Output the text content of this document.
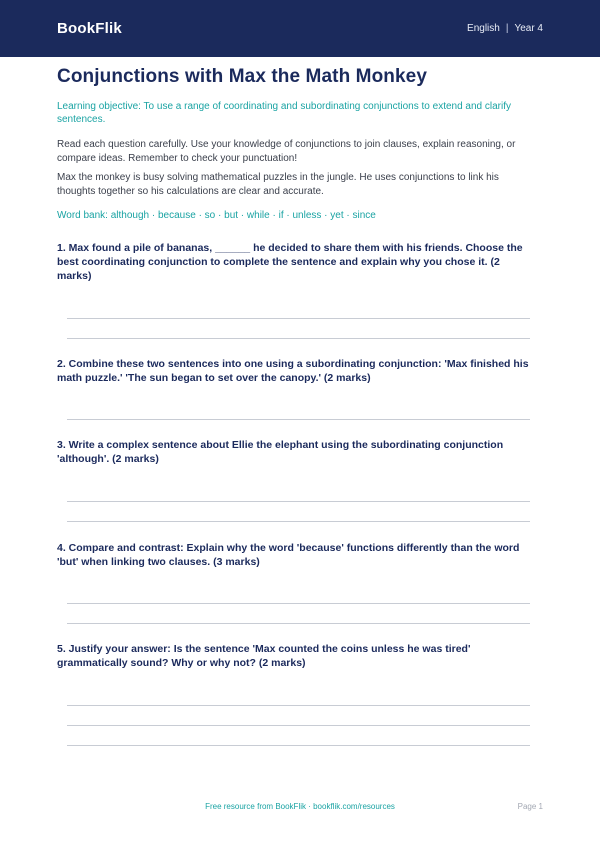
BookFlik	English | Year 4
Conjunctions with Max the Math Monkey

Learning objective: To use a range of coordinating and subordinating conjunctions to extend and clarify sentences.

Read each question carefully. Use your knowledge of conjunctions to join clauses, explain reasoning, or compare ideas. Remember to check your punctuation!

Max the monkey is busy solving mathematical puzzles in the jungle. He uses conjunctions to link his thoughts together so his calculations are clear and accurate.

Word bank: although · because · so · but · while · if · unless · yet · since

1. Max found a pile of bananas, ______ he decided to share them with his friends. Choose the best coordinating conjunction to complete the sentence and explain why you chose it. (2 marks)

2. Combine these two sentences into one using a subordinating conjunction: 'Max finished his math puzzle.' 'The sun began to set over the canopy.' (2 marks)

3. Write a complex sentence about Ellie the elephant using the subordinating conjunction 'although'. (2 marks)

4. Compare and contrast: Explain why the word 'because' functions differently than the word 'but' when linking two clauses. (3 marks)

5. Justify your answer: Is the sentence 'Max counted the coins unless he was tired' grammatically sound? Why or why not? (2 marks)

Free resource from BookFlik · bookflik.com/resources	Page 1
